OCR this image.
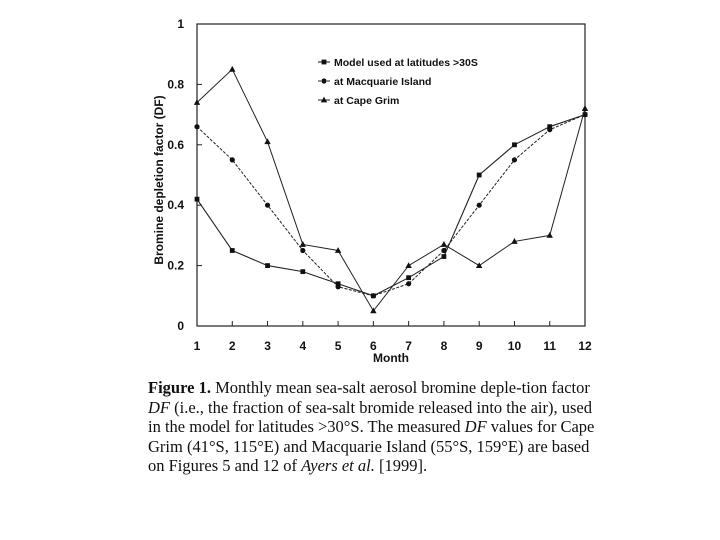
0
0.2
0.4
0.6
0.8
1
1 2 3 4 5 6 7 8 9 10 11 12
Month
Bromine depletion factor (DF)
Model used at latitudes >30S
at Macquarie Island
at Cape Grim
Figure 1. Monthly mean sea-salt aerosol bromine deple-tion factor DF (i.e., the fraction of sea-salt bromide released into the air), used in the model for latitudes >30°S. The measured DF values for Cape Grim (41°S, 115°E) and Macquarie Island (55°S, 159°E) are based on Figures 5 and 12 of Ayers et al. [1999].
